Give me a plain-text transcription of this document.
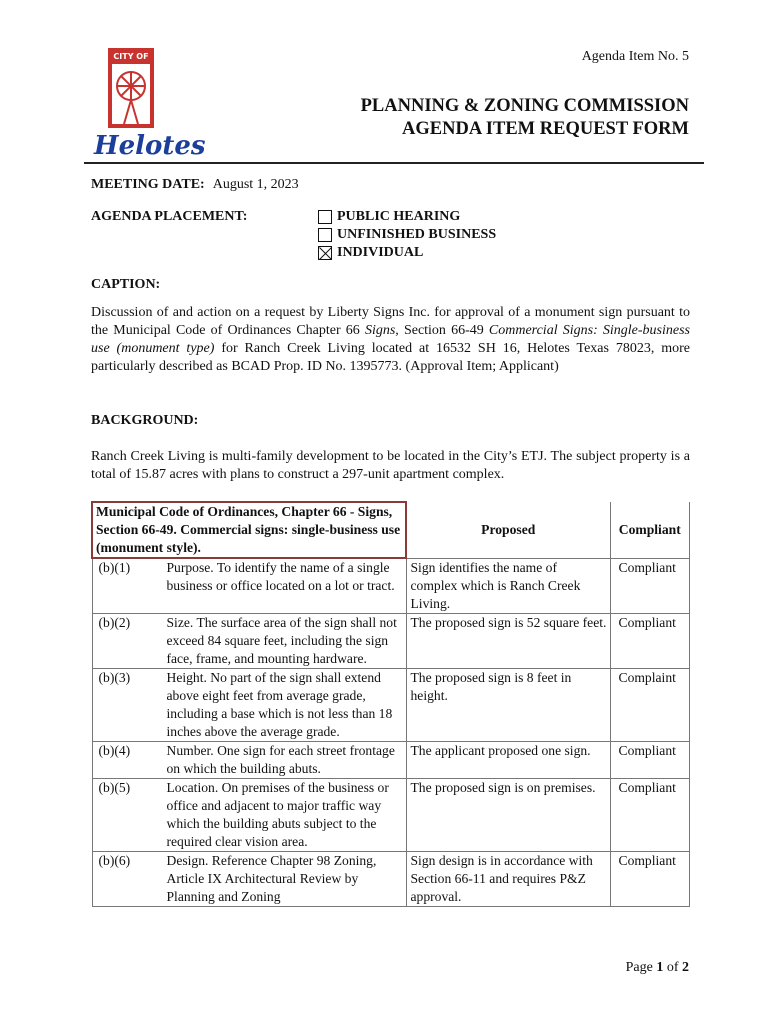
CITY OF
Helotes
Agenda Item No. 5
PLANNING & ZONING COMMISSION
AGENDA ITEM REQUEST FORM
MEETING DATE: August 1, 2023
AGENDA PLACEMENT:	PUBLIC HEARING
UNFINISHED BUSINESS
INDIVIDUAL
CAPTION:
Discussion of and action on a request by Liberty Signs Inc. for approval of a monument sign pursuant to the Municipal Code of Ordinances Chapter 66 Signs, Section 66-49 Commercial Signs: Single-business use (monument type) for Ranch Creek Living located at 16532 SH 16, Helotes Texas 78023, more particularly described as BCAD Prop. ID No. 1395773. (Approval Item; Applicant)
BACKGROUND:
Ranch Creek Living is multi-family development to be located in the City’s ETJ. The subject property is a total of 15.87 acres with plans to construct a 297-unit apartment complex.
Municipal Code of Ordinances, Chapter 66 - Signs, Section 66-49. Commercial signs: single-business use (monument style).		Proposed	Compliant
(b)(1)	Purpose. To identify the name of a single business or office located on a lot or tract.	Sign identifies the name of complex which is Ranch Creek Living.	Compliant
(b)(2)	Size. The surface area of the sign shall not exceed 84 square feet, including the sign face, frame, and mounting hardware.	The proposed sign is 52 square feet.	Compliant
(b)(3)	Height. No part of the sign shall extend above eight feet from average grade, including a base which is not less than 18 inches above the average grade.	The proposed sign is 8 feet in height.	Complaint
(b)(4)	Number. One sign for each street frontage on which the building abuts.	The applicant proposed one sign.	Compliant
(b)(5)	Location. On premises of the business or office and adjacent to major traffic way which the building abuts subject to the required clear vision area.	The proposed sign is on premises.	Compliant
(b)(6)	Design. Reference Chapter 98 Zoning, Article IX Architectural Review by Planning and Zoning	Sign design is in accordance with Section 66-11 and requires P&Z approval.	Compliant
Page 1 of 2
